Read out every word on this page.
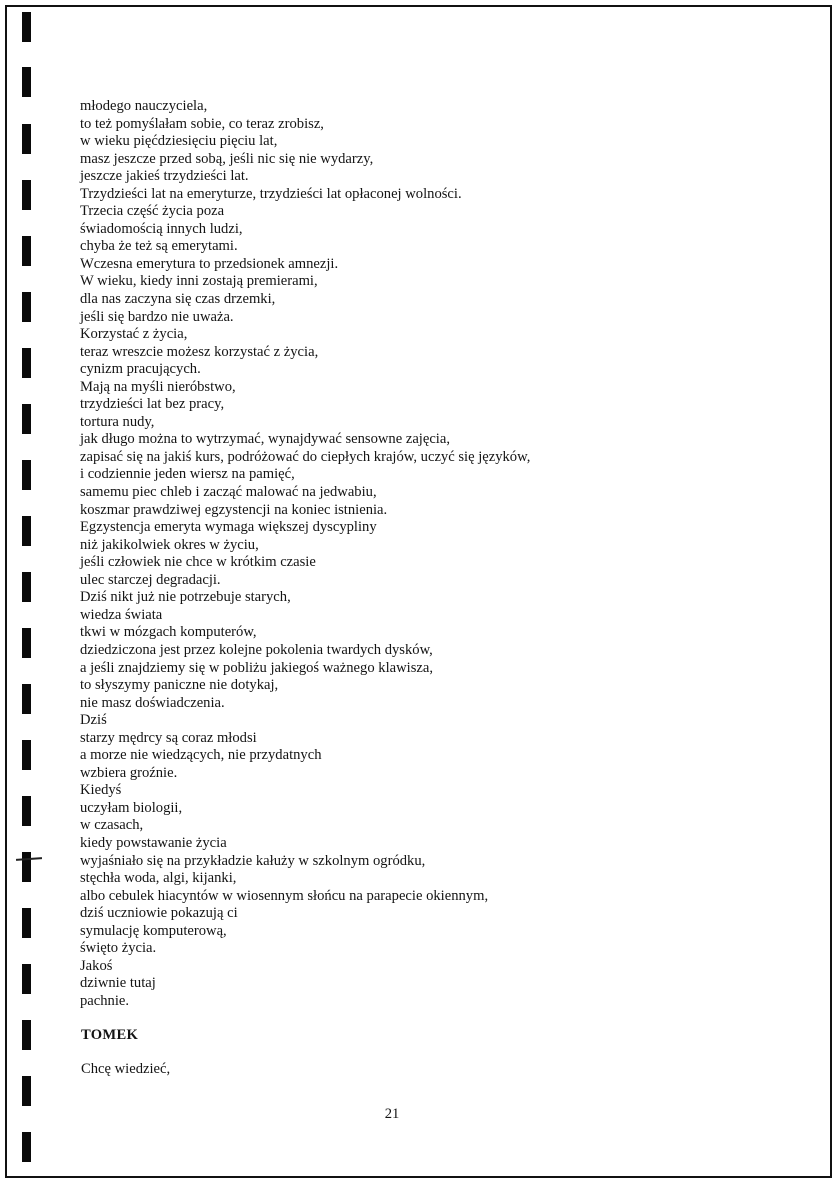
młodego nauczyciela,
to też pomyślałam sobie, co teraz zrobisz,
w wieku pięćdziesięciu pięciu lat,
masz jeszcze przed sobą, jeśli nic się nie wydarzy,
jeszcze jakieś trzydzieści lat.
Trzydzieści lat na emeryturze, trzydzieści lat opłaconej wolności.
Trzecia część życia poza
świadomością innych ludzi,
chyba że też są emerytami.
Wczesna emerytura to przedsionek amnezji.
W wieku, kiedy inni zostają premierami,
dla nas zaczyna się czas drzemki,
jeśli się bardzo nie uważa.
Korzystać z życia,
teraz wreszcie możesz korzystać z życia,
cynizm pracujących.
Mają na myśli nieróbstwo,
trzydzieści lat bez pracy,
tortura nudy,
jak długo można to wytrzymać, wynajdywać sensowne zajęcia,
zapisać się na jakiś kurs, podróżować do ciepłych krajów, uczyć się języków,
i codziennie jeden wiersz na pamięć,
samemu piec chleb i zacząć malować na jedwabiu,
koszmar prawdziwej egzystencji na koniec istnienia.
Egzystencja emeryta wymaga większej dyscypliny
niż jakikolwiek okres w życiu,
jeśli człowiek nie chce w krótkim czasie
ulec starczej degradacji.
Dziś nikt już nie potrzebuje starych,
wiedza świata
tkwi w mózgach komputerów,
dziedziczona jest przez kolejne pokolenia twardych dysków,
a jeśli znajdziemy się w pobliżu jakiegoś ważnego klawisza,
to słyszymy paniczne nie dotykaj,
nie masz doświadczenia.
Dziś
starzy mędrcy są coraz młodsi
a morze nie wiedzących, nie przydatnych
wzbiera groźnie.
Kiedyś
uczyłam biologii,
w czasach,
kiedy powstawanie życia
wyjaśniało się na przykładzie kałuży w szkolnym ogródku,
stęchła woda, algi, kijanki,
albo cebulek hiacyntów w wiosennym słońcu na parapecie okiennym,
dziś uczniowie pokazują ci
symulację komputerową,
święto życia.
Jakoś
dziwnie tutaj
pachnie.
TOMEK
Chcę wiedzieć,
21
